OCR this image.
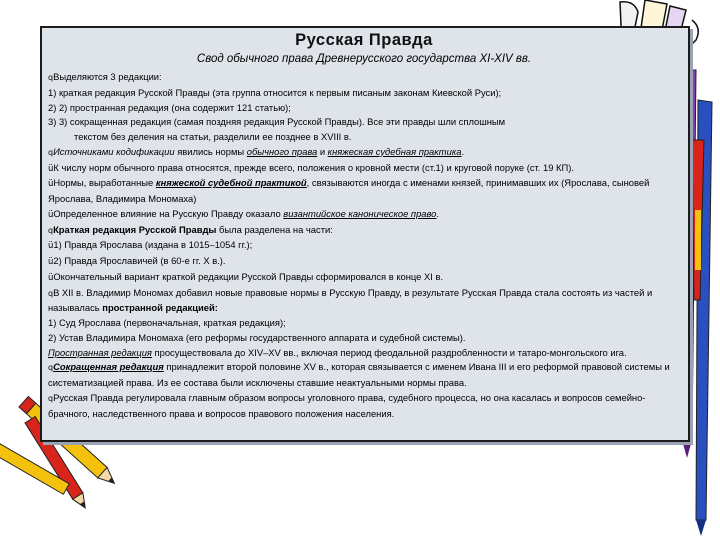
Русская Правда
Свод обычного права Древнерусского государства XI-XIV вв.

qВыделяются 3 редакции:

1) краткая редакция Русской Правды (эта группа относится к первым писаным законам Киевской Руси);

2) 2) пространная редакция (она содержит 121 статью);

3) 3) сокращенная редакция (самая поздняя редакция Русской Правды). Все эти правды шли сплошным
текстом без деления на статьи, разделили ее позднее в XVIII в.

qИсточниками кодификации явились нормы обычного права и княжеская судебная практика.

üК числу норм обычного права относятся, прежде всего, положения о кровной мести (ст.1) и круговой поруке (ст. 19 КП).

üНормы, выработанные княжеской судебной практикой, связываются иногда с именами князей, принимавших их (Ярослава, сыновей Ярослава, Владимира Мономаха)

üОпределенное влияние на Русскую Правду оказало византийское каноническое право.

qКраткая редакция Русской Правды была разделена на части:

ü1) Правда Ярослава (издана в 1015–1054 гг.);

ü2) Правда Ярославичей (в 60-е гг. Х в.).

üОкончательный вариант краткой редакции Русской Правды сформировался в конце XI в.

qВ XII в. Владимир Мономах добавил новые правовые нормы в Русскую Правду, в результате Русская Правда стала состоять из частей и называлась пространной редакцией:

1) Суд Ярослава (первоначальная, краткая редакция);

2) Устав Владимира Мономаха (его реформы государственного аппарата и судебной системы).

Пространная редакция просуществовала до XIV–XV вв., включая период феодальной раздробленности и татаро-монгольского ига.

qСокращенная редакция принадлежит второй половине XV в., которая связывается с именем Ивана III и его реформой правовой системы и систематизацией права. Из ее состава были исключены ставшие неактуальными нормы права.

qРусская Правда регулировала главным образом вопросы уголовного права, судебного процесса, но она касалась и вопросов семейно-брачного, наследственного права и вопросов правового положения населения.
